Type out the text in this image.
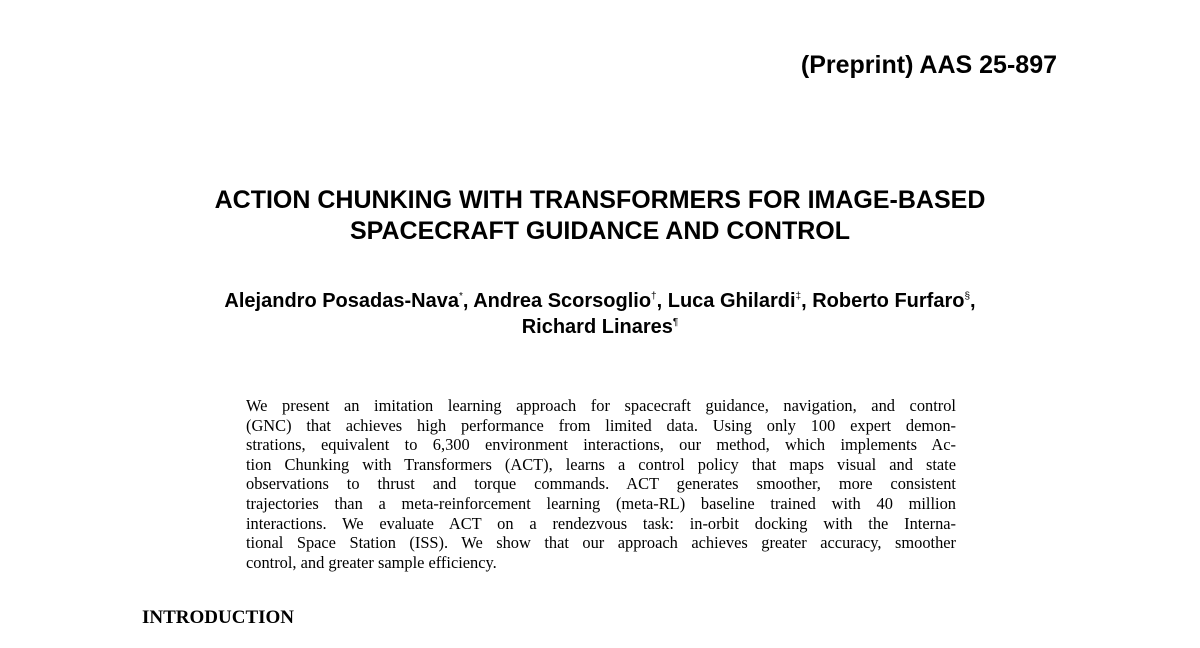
(Preprint) AAS 25-897
ACTION CHUNKING WITH TRANSFORMERS FOR IMAGE-BASED
SPACECRAFT GUIDANCE AND CONTROL
Alejandro Posadas-Nava*, Andrea Scorsoglio†, Luca Ghilardi‡, Roberto Furfaro§,
Richard Linares¶
We present an imitation learning approach for spacecraft guidance, navigation, and control
(GNC) that achieves high performance from limited data. Using only 100 expert demon-
strations, equivalent to 6,300 environment interactions, our method, which implements Ac-
tion Chunking with Transformers (ACT), learns a control policy that maps visual and state
observations to thrust and torque commands. ACT generates smoother, more consistent
trajectories than a meta-reinforcement learning (meta-RL) baseline trained with 40 million
interactions. We evaluate ACT on a rendezvous task: in-orbit docking with the Interna-
tional Space Station (ISS). We show that our approach achieves greater accuracy, smoother
control, and greater sample efficiency.
INTRODUCTION
